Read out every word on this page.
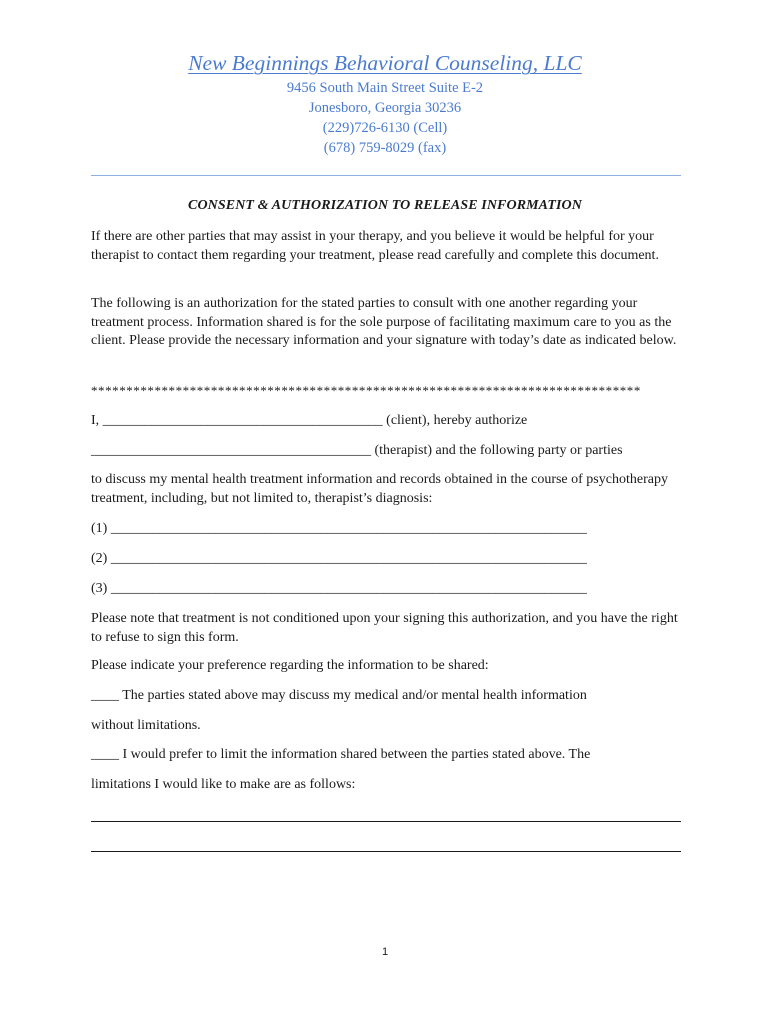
New Beginnings Behavioral Counseling, LLC
9456 South Main Street Suite E-2
Jonesboro, Georgia 30236
(229)726-6130 (Cell)
(678) 759-8029 (fax)
CONSENT & AUTHORIZATION TO RELEASE INFORMATION

If there are other parties that may assist in your therapy, and you believe it would be helpful for your therapist to contact them regarding your treatment, please read carefully and complete this document.

The following is an authorization for the stated parties to consult with one another regarding your treatment process. Information shared is for the sole purpose of facilitating maximum care to you as the client. Please provide the necessary information and your signature with today’s date as indicated below.

******************************************************************************
I, ________________________________________ (client), hereby authorize
________________________________________ (therapist) and the following party or parties

to discuss my mental health treatment information and records obtained in the course of psychotherapy treatment, including, but not limited to, therapist’s diagnosis:

(1) ____________________________________________________________________
(2) ____________________________________________________________________
(3) ____________________________________________________________________

Please note that treatment is not conditioned upon your signing this authorization, and you have the right to refuse to sign this form.

Please indicate your preference regarding the information to be shared:
____ The parties stated above may discuss my medical and/or mental health information
without limitations.
____ I would prefer to limit the information shared between the parties stated above. The
limitations I would like to make are as follows:
1
